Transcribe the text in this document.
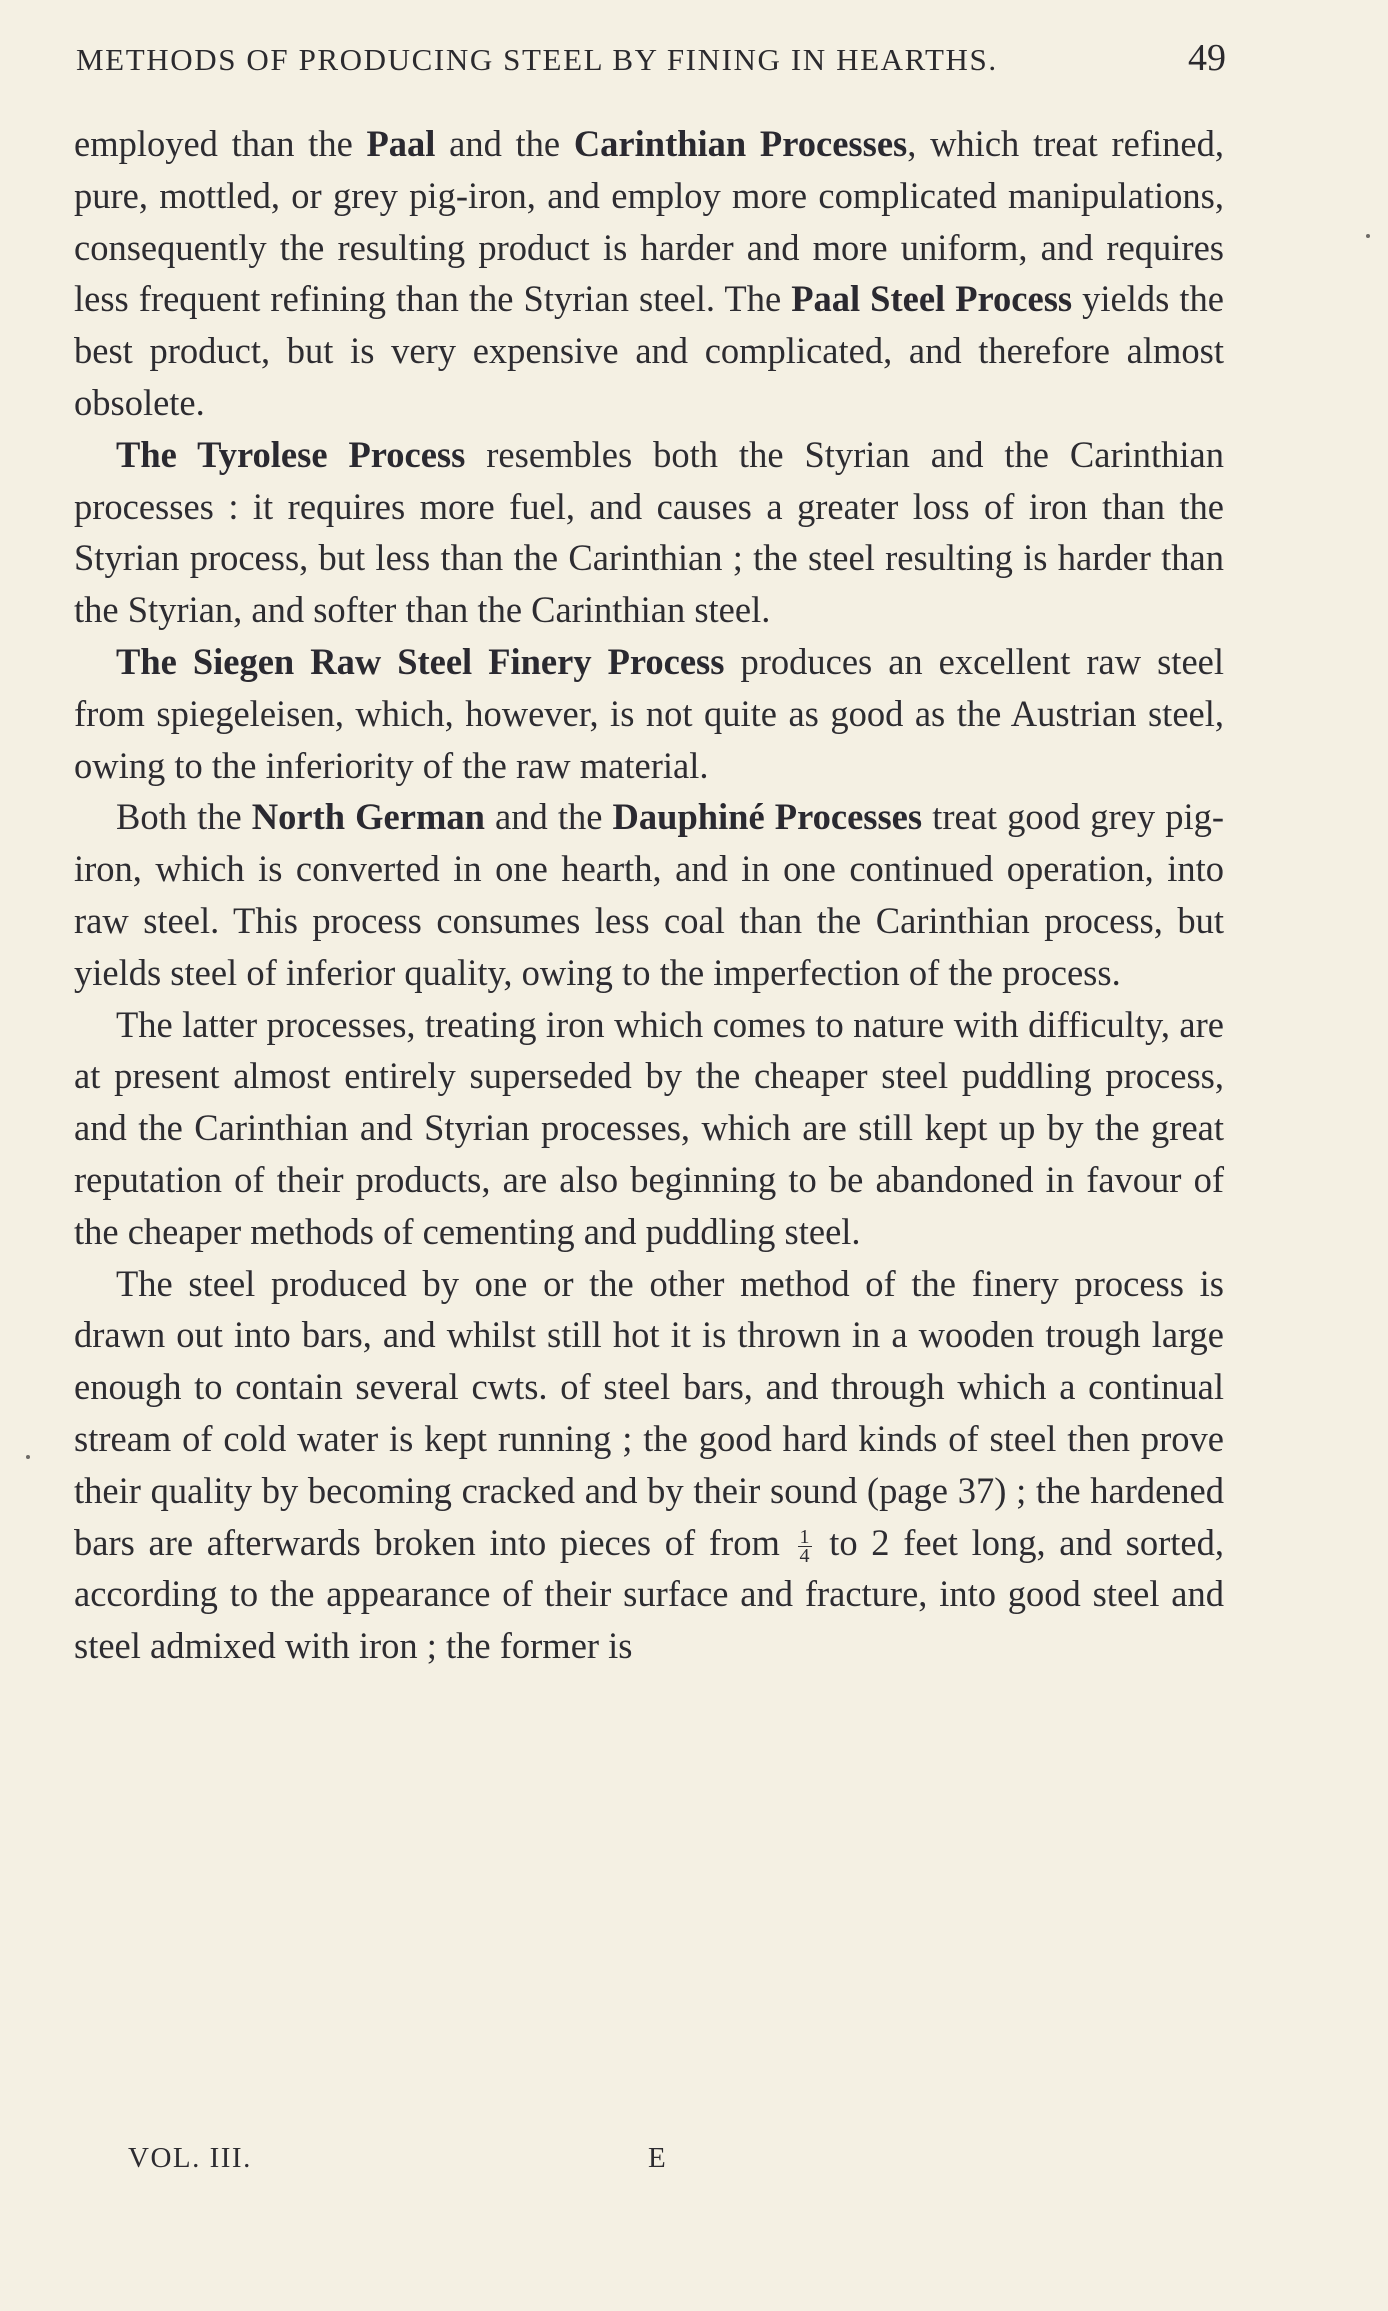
METHODS OF PRODUCING STEEL BY FINING IN HEARTHS.	49

employed than the Paal and the Carinthian Processes, which treat refined, pure, mottled, or grey pig-iron, and employ more complicated manipulations, consequently the resulting product is harder and more uniform, and requires less frequent refining than the Styrian steel. The Paal Steel Process yields the best product, but is very expensive and complicated, and therefore almost obsolete.

The Tyrolese Process resembles both the Styrian and the Carinthian processes : it requires more fuel, and causes a greater loss of iron than the Styrian process, but less than the Carinthian ; the steel resulting is harder than the Styrian, and softer than the Carinthian steel.

The Siegen Raw Steel Finery Process produces an excellent raw steel from spiegeleisen, which, however, is not quite as good as the Austrian steel, owing to the inferiority of the raw material.

Both the North German and the Dauphiné Processes treat good grey pig-iron, which is converted in one hearth, and in one continued operation, into raw steel. This process consumes less coal than the Carinthian process, but yields steel of inferior quality, owing to the imperfection of the process.

The latter processes, treating iron which comes to nature with difficulty, are at present almost entirely superseded by the cheaper steel puddling process, and the Carinthian and Styrian processes, which are still kept up by the great reputation of their products, are also beginning to be abandoned in favour of the cheaper methods of cementing and puddling steel.

The steel produced by one or the other method of the finery process is drawn out into bars, and whilst still hot it is thrown in a wooden trough large enough to contain several cwts. of steel bars, and through which a continual stream of cold water is kept running ; the good hard kinds of steel then prove their quality by becoming cracked and by their sound (page 37) ; the hardened bars are afterwards broken into pieces of from $\frac{1}{4}$ to 2 feet long, and sorted, according to the appearance of their surface and fracture, into good steel and steel admixed with iron ; the former is

VOL. III.	E
